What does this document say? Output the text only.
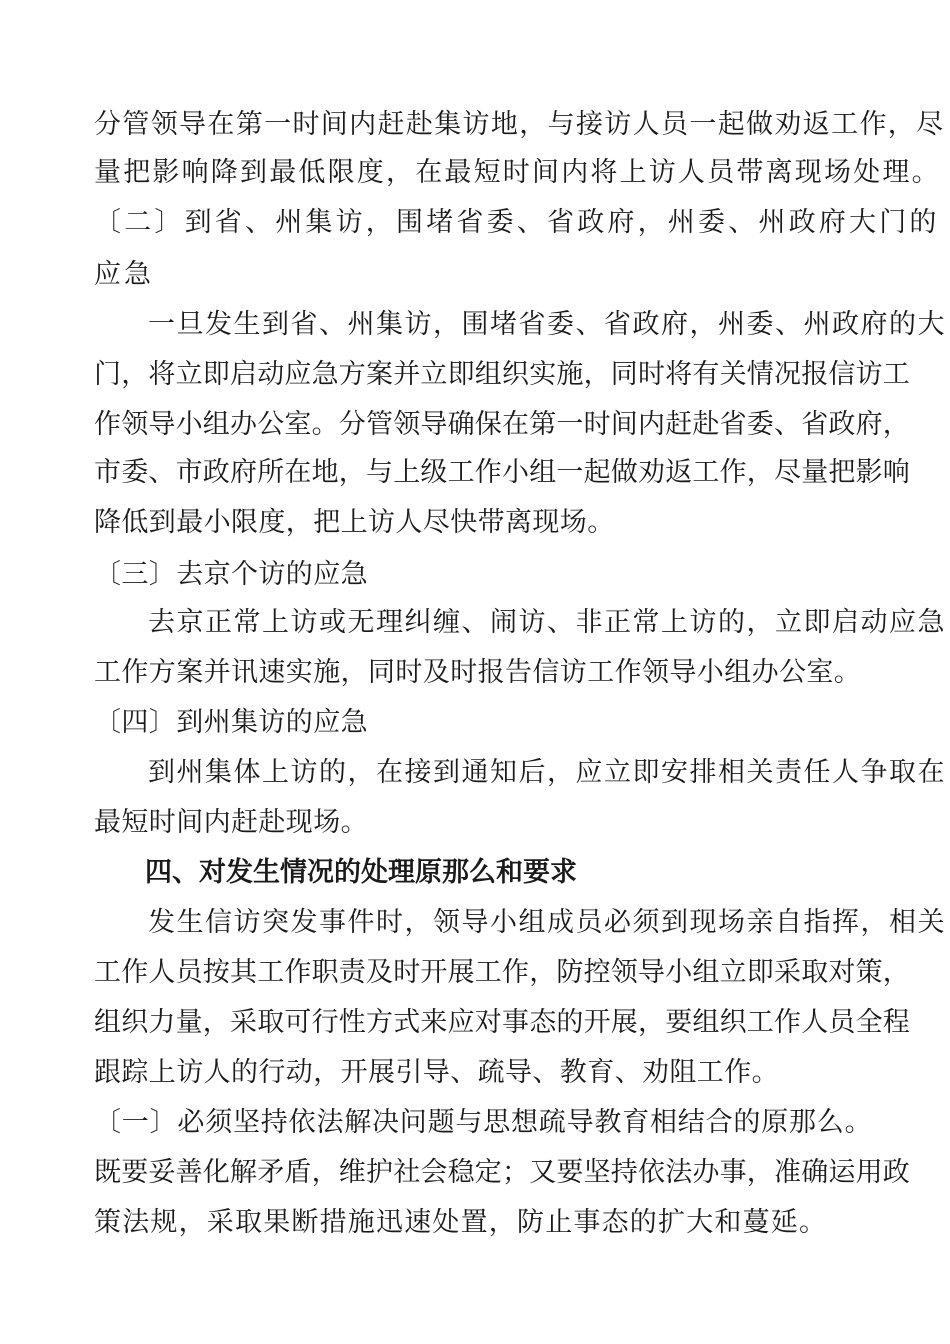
分管领导在第一时间内赶赴集访地，与接访人员一起做劝返工作，尽
量把影响降到最低限度，在最短时间内将上访人员带离现场处理。
〔二〕到省、州集访，围堵省委、省政府，州委、州政府大门的
应急
一旦发生到省、州集访，围堵省委、省政府，州委、州政府的大
门，将立即启动应急方案并立即组织实施，同时将有关情况报信访工
作领导小组办公室。分管领导确保在第一时间内赶赴省委、省政府，
市委、市政府所在地，与上级工作小组一起做劝返工作，尽量把影响
降低到最小限度，把上访人尽快带离现场。
〔三〕去京个访的应急
去京正常上访或无理纠缠、闹访、非正常上访的，立即启动应急
工作方案并讯速实施，同时及时报告信访工作领导小组办公室。
〔四〕到州集访的应急
到州集体上访的，在接到通知后，应立即安排相关责任人争取在
最短时间内赶赴现场。
四、对发生情况的处理原那么和要求
发生信访突发事件时，领导小组成员必须到现场亲自指挥，相关
工作人员按其工作职责及时开展工作，防控领导小组立即采取对策，
组织力量，采取可行性方式来应对事态的开展，要组织工作人员全程
跟踪上访人的行动，开展引导、疏导、教育、劝阻工作。
〔一〕必须坚持依法解决问题与思想疏导教育相结合的原那么。
既要妥善化解矛盾，维护社会稳定；又要坚持依法办事，准确运用政
策法规，采取果断措施迅速处置，防止事态的扩大和蔓延。
